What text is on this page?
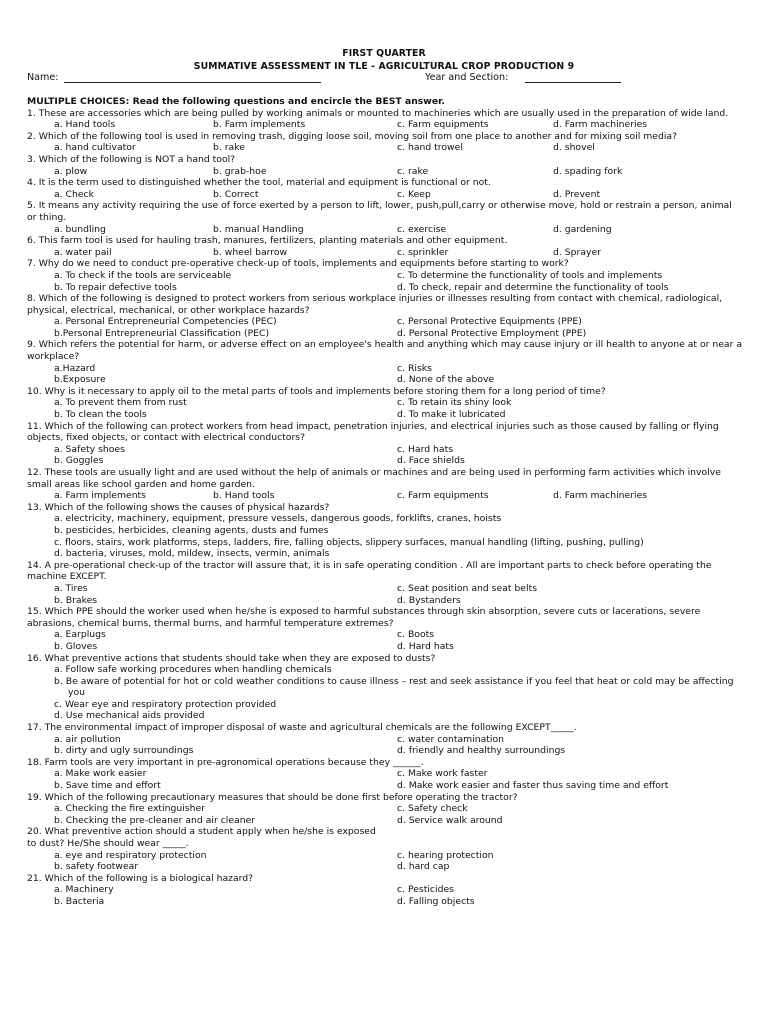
FIRST QUARTER
SUMMATIVE ASSESSMENT IN TLE - AGRICULTURAL CROP PRODUCTION 9
Name:	Year and Section:
MULTIPLE CHOICES: Read the following questions and encircle the BEST answer.
1. These are accessories which are being pulled by working animals or mounted to machineries which are usually used in the preparation of wide land.
a. Hand tools	b. Farm implements	c. Farm equipments	d. Farm machineries
2. Which of the following tool is used in removing trash, digging loose soil, moving soil from one place to another and for mixing soil media?
a. hand cultivator	b. rake	c. hand trowel	d. shovel
3. Which of the following is NOT a hand tool?
a. plow	b. grab-hoe	c. rake	d. spading fork
4. It is the term used to distinguished whether the tool, material and equipment is functional or not.
a. Check	b. Correct	c. Keep	d. Prevent
5. It means any activity requiring the use of force exerted by a person to lift, lower, push,pull,carry or otherwise move, hold or restrain a person, animal or thing.
a. bundling	b. manual Handling	c. exercise	d. gardening
6. This farm tool is used for hauling trash, manures, fertilizers, planting materials and other equipment.
a. water pail	b. wheel barrow	c. sprinkler	d. Sprayer
7. Why do we need to conduct pre-operative check-up of tools, implements and equipments before starting to work?
a. To check if the tools are serviceable	c. To determine the functionality of tools and implements
b. To repair defective tools	d. To check, repair and determine the functionality of tools
8. Which of the following is designed to protect workers from serious workplace injuries or illnesses resulting from contact with chemical, radiological, physical, electrical, mechanical, or other workplace hazards?
a. Personal Entrepreneurial Competencies (PEC)	c. Personal Protective Equipments (PPE)
b.Personal Entrepreneurial Classification (PEC)	d. Personal Protective Employment (PPE)
9. Which refers the potential for harm, or adverse effect on an employee's health and anything which may cause injury or ill health to anyone at or near a workplace?
a.Hazard	c. Risks
b.Exposure	d. None of the above
10. Why is it necessary to apply oil to the metal parts of tools and implements before storing them for a long period of time?
a. To prevent them from rust	c. To retain its shiny look
b. To clean the tools	d. To make it lubricated
11. Which of the following can protect workers from head impact, penetration injuries, and electrical injuries such as those caused by falling or flying objects, fixed objects, or contact with electrical conductors?
a. Safety shoes	c. Hard hats
b. Goggles	d. Face shields
12. These tools are usually light and are used without the help of animals or machines and are being used in performing farm activities which involve small areas like school garden and home garden.
a. Farm implements	b. Hand tools	c. Farm equipments	d. Farm machineries
13. Which of the following shows the causes of physical hazards?
a. electricity, machinery, equipment, pressure vessels, dangerous goods, forklifts, cranes, hoists
b. pesticides, herbicides, cleaning agents, dusts and fumes
c. floors, stairs, work platforms, steps, ladders, fire, falling objects, slippery surfaces, manual handling (lifting, pushing, pulling)
d. bacteria, viruses, mold, mildew, insects, vermin, animals
14. A pre-operational check-up of the tractor will assure that, it is in safe operating condition . All are important parts to check before operating the machine EXCEPT.
a. Tires	c. Seat position and seat belts
b. Brakes	d. Bystanders
15. Which PPE should the worker used when he/she is exposed to harmful substances through skin absorption, severe cuts or lacerations, severe abrasions, chemical burns, thermal burns, and harmful temperature extremes?
a. Earplugs	c. Boots
b. Gloves	d. Hard hats
16. What preventive actions that students should take when they are exposed to dusts?
a. Follow safe working procedures when handling chemicals
b. Be aware of potential for hot or cold weather conditions to cause illness – rest and seek assistance if you feel that heat or cold may be affecting you
c. Wear eye and respiratory protection provided
d. Use mechanical aids provided
17. The environmental impact of improper disposal of waste and agricultural chemicals are the following EXCEPT_____.
a. air pollution	c. water contamination
b. dirty and ugly surroundings	d. friendly and healthy surroundings
18. Farm tools are very important in pre-agronomical operations because they ______.
a. Make work easier	c. Make work faster
b. Save time and effort	d. Make work easier and faster thus saving time and effort
19. Which of the following precautionary measures that should be done first before operating the tractor?
a. Checking the fire extinguisher	c. Safety check
b. Checking the pre-cleaner and air cleaner	d. Service walk around
20. What preventive action should a student apply when he/she is exposed
to dust? He/She should wear _____.
a. eye and respiratory protection	c. hearing protection
b. safety footwear	d. hard cap
21. Which of the following is a biological hazard?
a. Machinery	c. Pesticides
b. Bacteria	d. Falling objects
